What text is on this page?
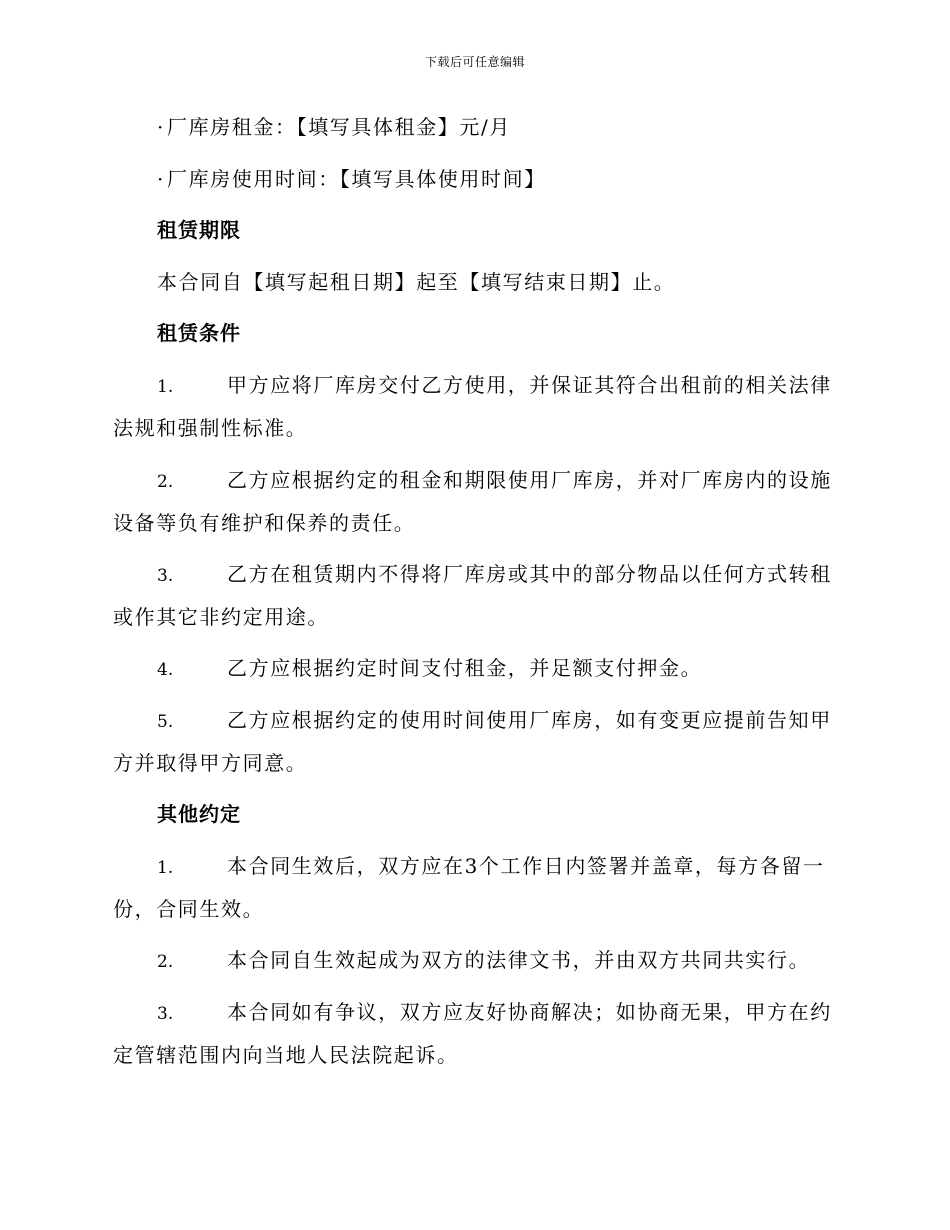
下载后可任意编辑
· 厂库房租金：【填写具体租金】元/月
· 厂库房使用时间：【填写具体使用时间】
租赁期限
本合同自【填写起租日期】起至【填写结束日期】止。
租赁条件
1.	甲方应将厂库房交付乙方使用，并保证其符合出租前的相关法律
法规和强制性标准。
2.	乙方应根据约定的租金和期限使用厂库房，并对厂库房内的设施
设备等负有维护和保养的责任。
3.	乙方在租赁期内不得将厂库房或其中的部分物品以任何方式转租
或作其它非约定用途。
4.	乙方应根据约定时间支付租金，并足额支付押金。
5.	乙方应根据约定的使用时间使用厂库房，如有变更应提前告知甲
方并取得甲方同意。
其他约定
1.	本合同生效后，双方应在3个工作日内签署并盖章，每方各留一
份，合同生效。
2.	本合同自生效起成为双方的法律文书，并由双方共同共实行。
3.	本合同如有争议，双方应友好协商解决；如协商无果，甲方在约
定管辖范围内向当地人民法院起诉。
